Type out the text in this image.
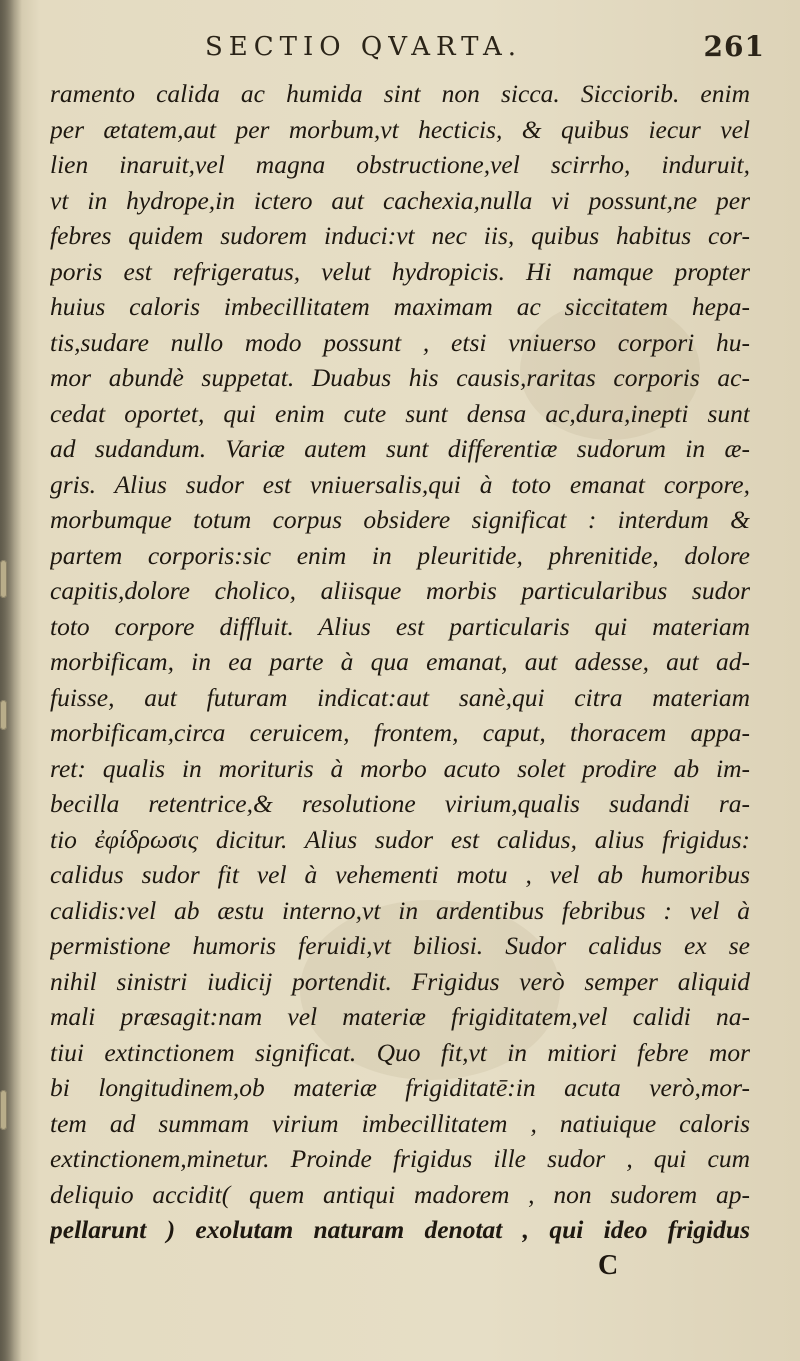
SECTIO QVARTA.	261
ramento calida ac humida sint non sicca. Sicciorib. enim
per ætatem,aut per morbum,vt hecticis, & quibus iecur vel
lien inaruit,vel magna obstructione,vel scirrho, induruit,
vt in hydrope,in ictero aut cachexia,nulla vi possunt,ne per
febres quidem sudorem induci:vt nec iis, quibus habitus cor-
poris est refrigeratus, velut hydropicis. Hi namque propter
huius caloris imbecillitatem maximam ac siccitatem hepa-
tis,sudare nullo modo possunt , etsi vniuerso corpori hu-
mor abundè suppetat. Duabus his causis,raritas corporis ac-
cedat oportet, qui enim cute sunt densa ac,dura,inepti sunt
ad sudandum. Variæ autem sunt differentiæ sudorum in æ-
gris. Alius sudor est vniuersalis,qui à toto emanat corpore,
morbumque totum corpus obsidere significat : interdum &
partem corporis:sic enim in pleuritide, phrenitide, dolore
capitis,dolore cholico, aliisque morbis particularibus sudor
toto corpore diffluit. Alius est particularis qui materiam
morbificam, in ea parte à qua emanat, aut adesse, aut ad-
fuisse, aut futuram indicat:aut sanè,qui citra materiam
morbificam,circa ceruicem, frontem, caput, thoracem appa-
ret: qualis in morituris à morbo acuto solet prodire ab im-
becilla retentrice,& resolutione virium,qualis sudandi ra-
tio ἐφίδρωσις dicitur. Alius sudor est calidus, alius frigidus:
calidus sudor fit vel à vehementi motu , vel ab humoribus
calidis:vel ab æstu interno,vt in ardentibus febribus : vel à
permistione humoris feruidi,vt biliosi. Sudor calidus ex se
nihil sinistri iudicij portendit. Frigidus verò semper aliquid
mali præsagit:nam vel materiæ frigiditatem,vel calidi na-
tiui extinctionem significat. Quo fit,vt in mitiori febre mor
bi longitudinem,ob materiæ frigiditatē:in acuta verò,mor-
tem ad summam virium imbecillitatem , natiuique caloris
extinctionem,minetur. Proinde frigidus ille sudor , qui cum
deliquio accidit( quem antiqui madorem , non sudorem ap-
pellarunt ) exolutam naturam denotat , qui ideo frigidus
C
